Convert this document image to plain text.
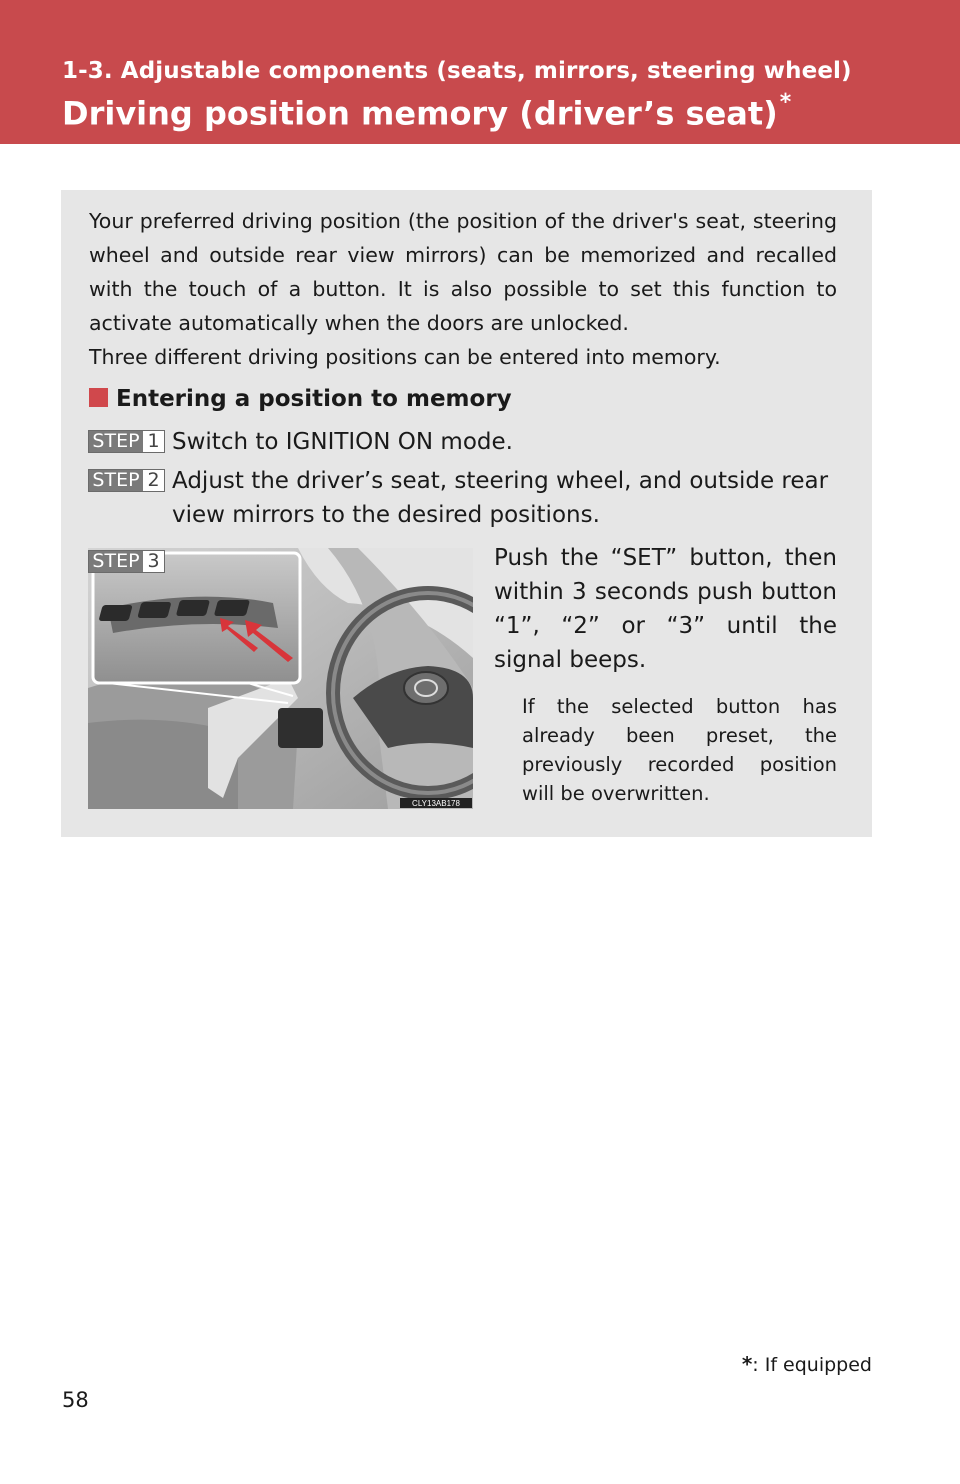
1-3. Adjustable components (seats, mirrors, steering wheel)
Driving position memory (driver’s seat)*

Your preferred driving position (the position of the driver's seat, steering wheel and outside rear view mirrors) can be memorized and recalled with the touch of a button. It is also possible to set this function to activate automatically when the doors are unlocked.

Three different driving positions can be entered into memory.

Entering a position to memory
STEP 1 Switch to IGNITION ON mode.
STEP 2 Adjust the driver’s seat, steering wheel, and outside rear view mirrors to the desired positions.
CLY13AB178
STEP 3	Push the “SET” button, then within 3 seconds push button “1”, “2” or “3” until the signal beeps.
If the selected button has already been preset, the previously recorded position will be overwritten.
*: If equipped
58
